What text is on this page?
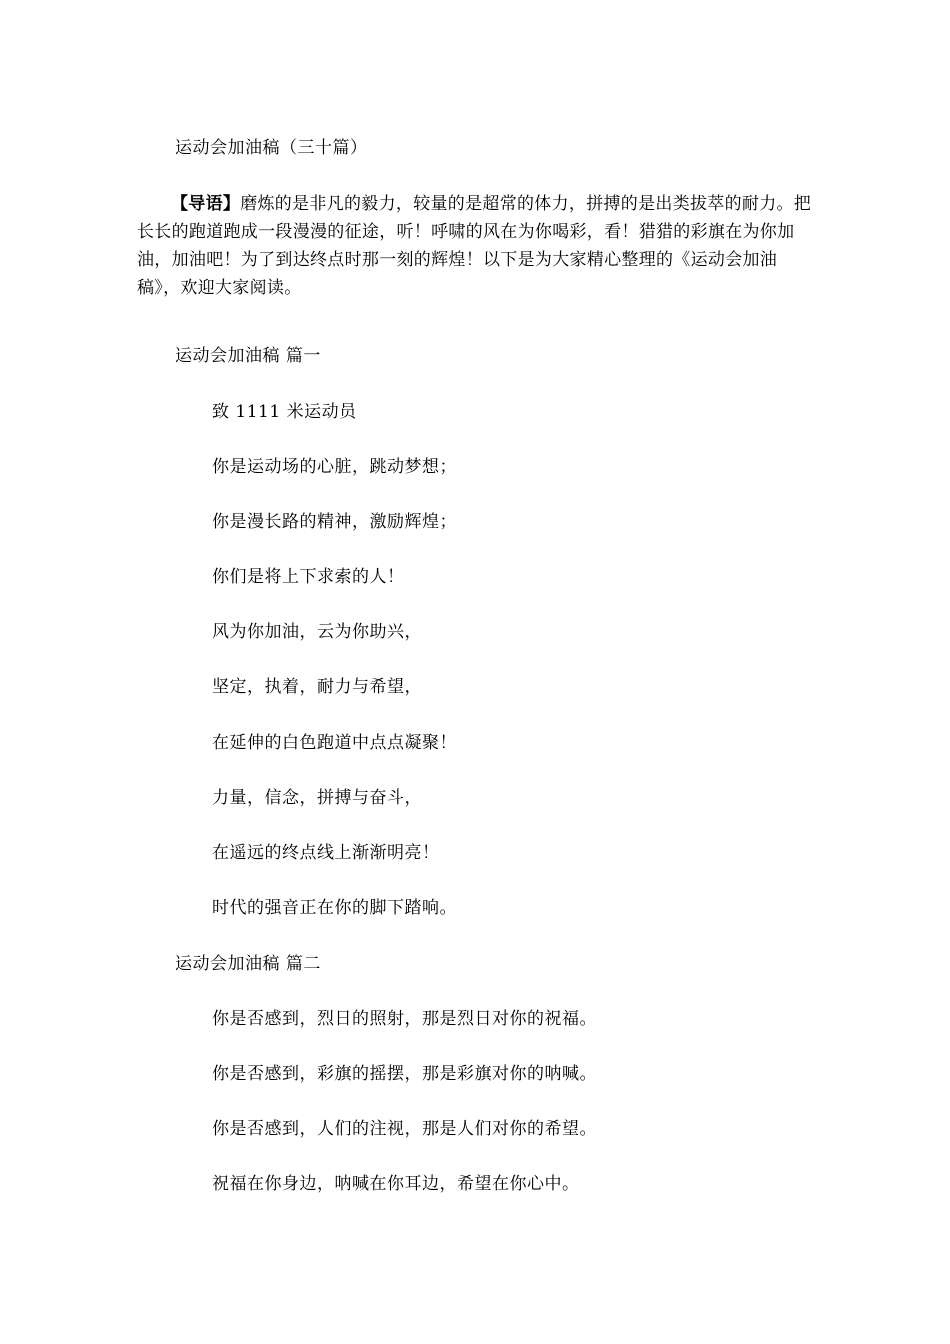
运动会加油稿（三十篇）
【导语】磨炼的是非凡的毅力，较量的是超常的体力，拼搏的是出类拔萃的耐力。把长长的跑道跑成一段漫漫的征途，听！呼啸的风在为你喝彩，看！猎猎的彩旗在为你加油，加油吧！为了到达终点时那一刻的辉煌！以下是为大家精心整理的《运动会加油稿》，欢迎大家阅读。
运动会加油稿 篇一
致 1111 米运动员
你是运动场的心脏，跳动梦想；
你是漫长路的精神，激励辉煌；
你们是将上下求索的人！
风为你加油，云为你助兴，
坚定，执着，耐力与希望，
在延伸的白色跑道中点点凝聚！
力量，信念，拼搏与奋斗，
在遥远的终点线上渐渐明亮！
时代的强音正在你的脚下踏响。
运动会加油稿 篇二
你是否感到，烈日的照射，那是烈日对你的祝福。
你是否感到，彩旗的摇摆，那是彩旗对你的呐喊。
你是否感到，人们的注视，那是人们对你的希望。
祝福在你身边，呐喊在你耳边，希望在你心中。
